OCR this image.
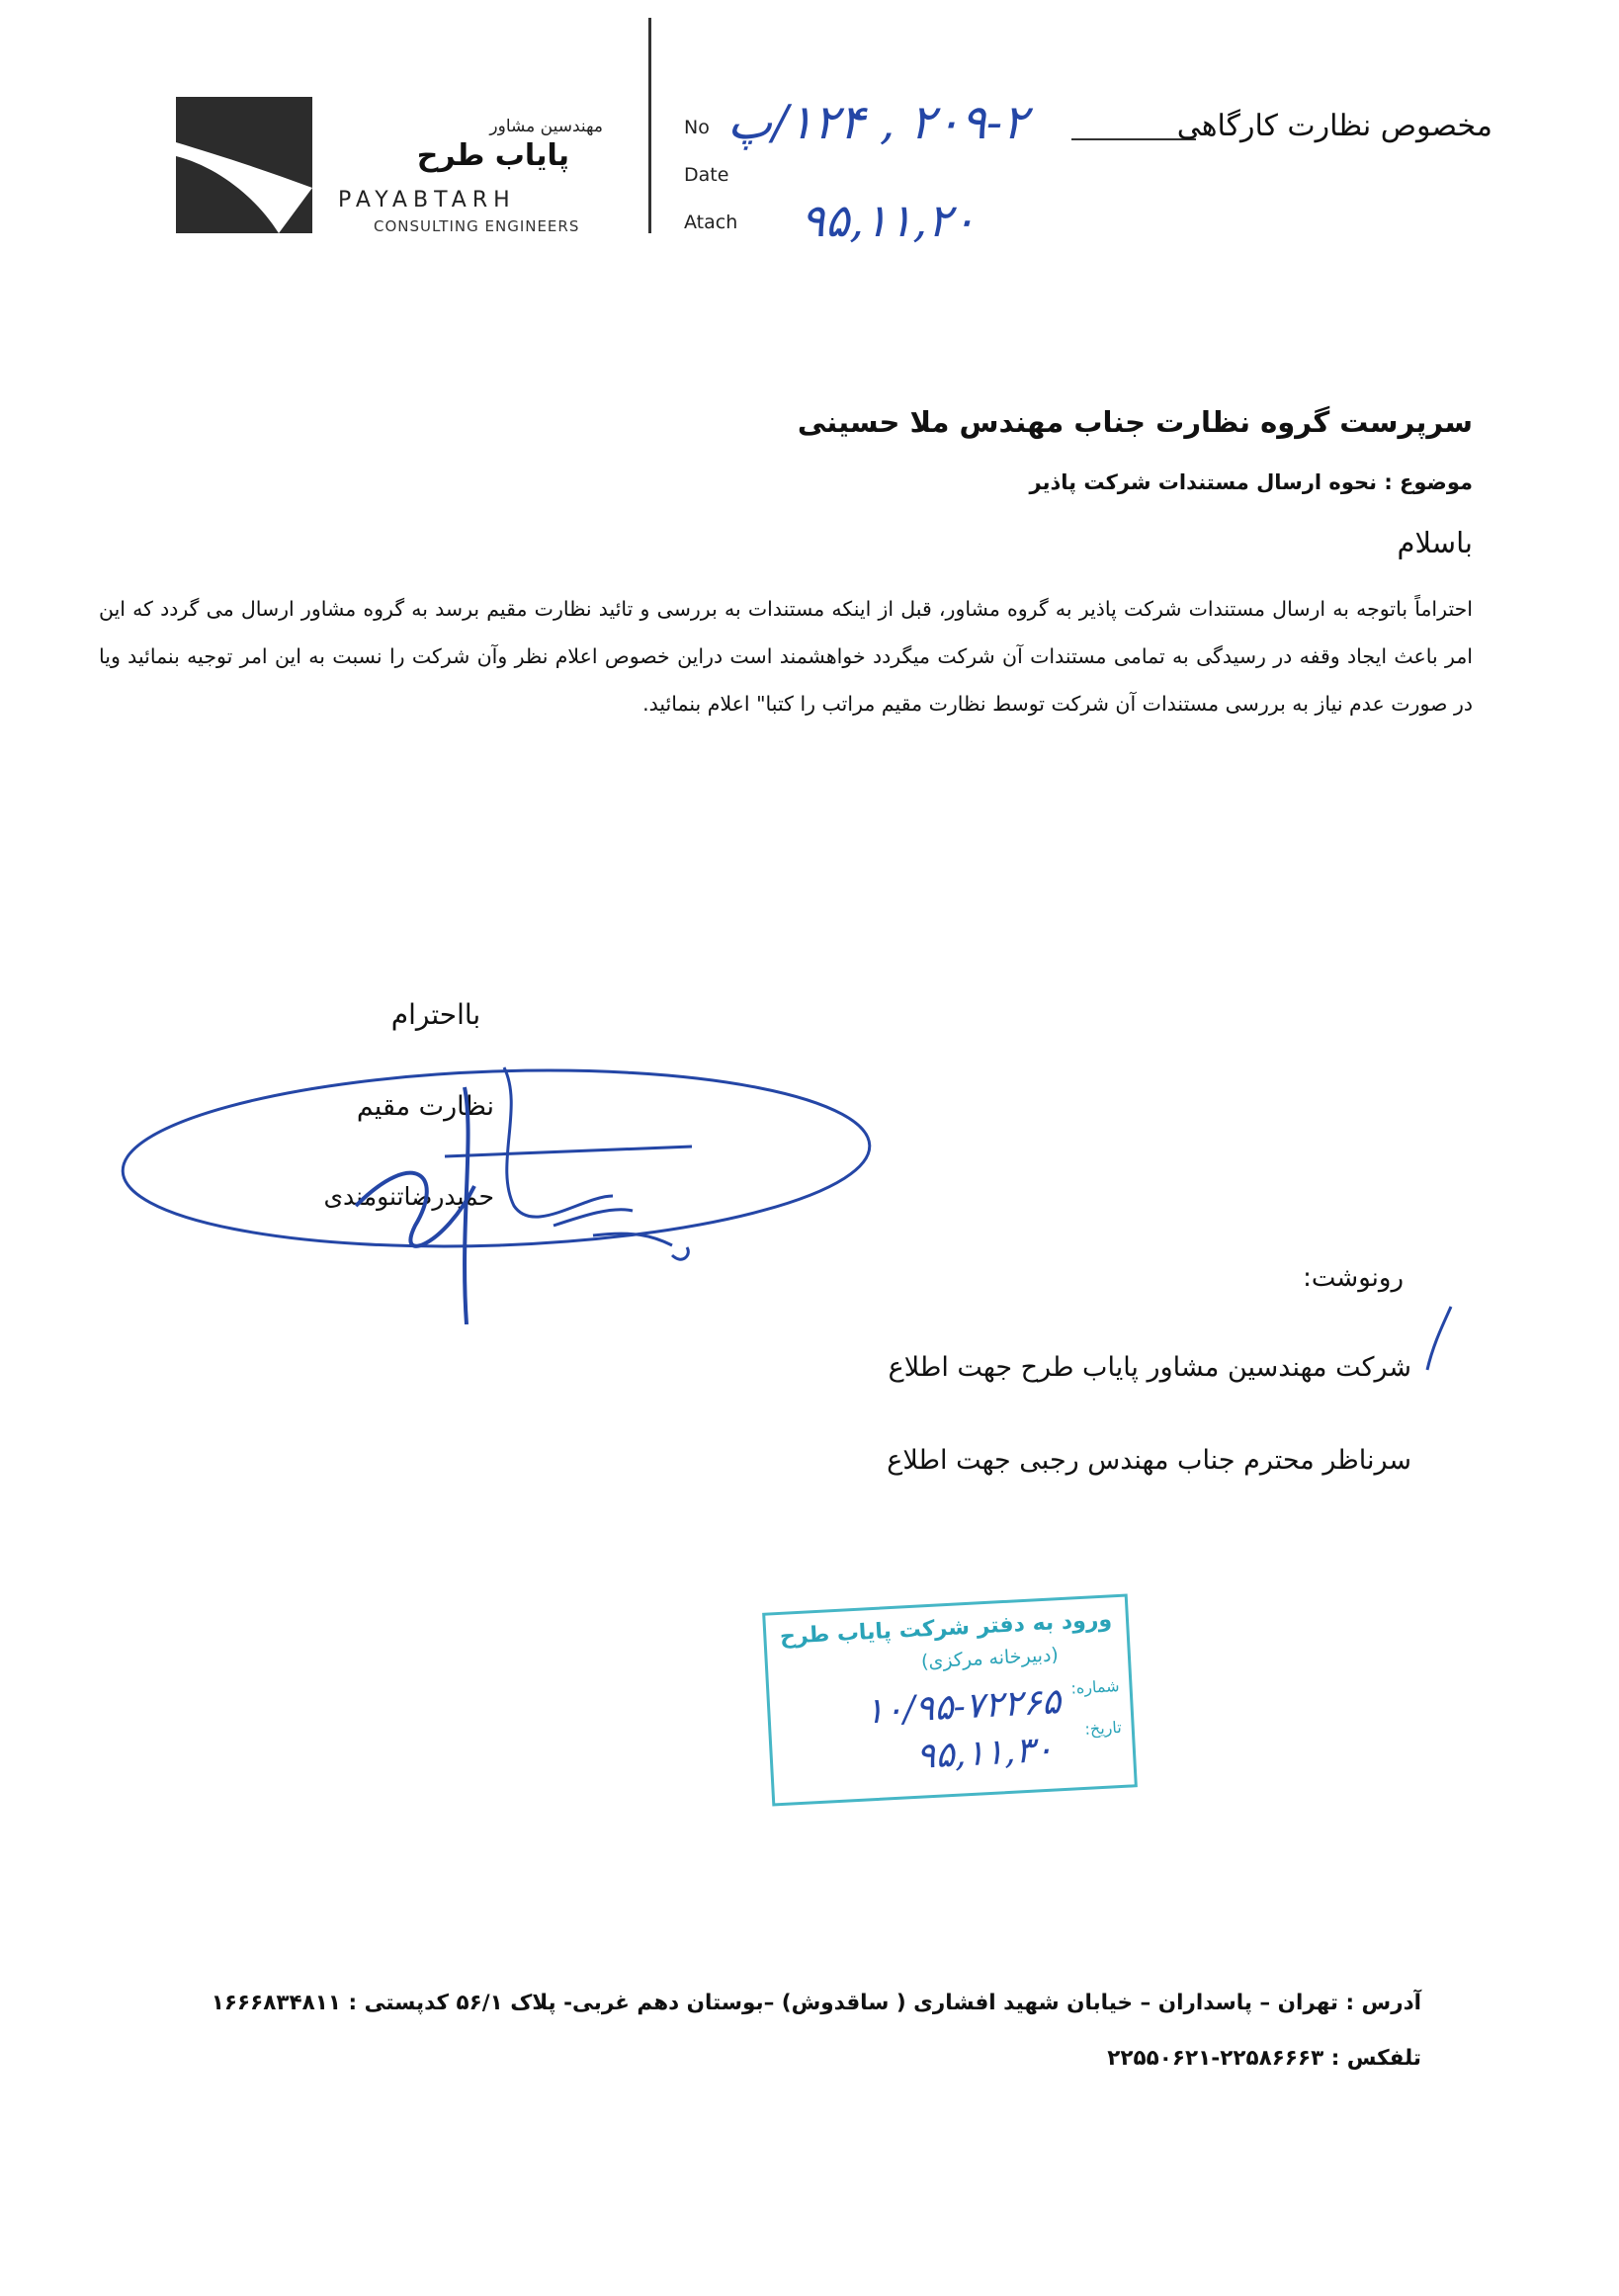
مهندسین مشاور
پایاب طرح
PAYABTARH
CONSULTING ENGINEERS
No
Date
Atach
۲۰۹-۲ , ۱۲۴/پ
۹۵,۱۱,۲۰
مخصوص نظارت کارگاهی
سرپرست گروه نظارت جناب مهندس ملا حسینی
موضوع : نحوه ارسال مستندات شرکت پاذیر
باسلام
احتراماً باتوجه به ارسال مستندات شرکت پاذیر به گروه مشاور، قبل از اینکه مستندات به بررسی و تائید نظارت مقیم برسد به گروه مشاور ارسال می گردد که این امر باعث ایجاد وقفه در رسیدگی به تمامی مستندات آن شرکت میگردد خواهشمند است دراین خصوص اعلام نظر وآن شرکت را نسبت به این امر توجیه بنمائید ویا در صورت عدم نیاز به بررسی مستندات آن شرکت توسط نظارت مقیم مراتب را کتبا" اعلام بنمائید.
بااحترام
نظارت مقیم
حمیدرضاتنومندی
رونوشت:
شرکت مهندسین مشاور پایاب طرح جهت اطلاع
سرناظر محترم جناب مهندس رجبی جهت اطلاع
ورود به دفتر شرکت پایاب طرح
(دبیرخانه مرکزی)
شماره:
تاریخ:
۱۰/۹۵-۷۲۲۶۵
۹۵,۱۱,۳۰
آدرس : تهران – پاسداران – خیابان شهید افشاری ( ساقدوش) –بوستان دهم غربی- پلاک ۵۶/۱ کدپستی : ۱۶۶۶۸۳۴۸۱۱
تلفکس : ۲۲۵۸۶۶۶۳-۲۲۵۵۰۶۲۱
